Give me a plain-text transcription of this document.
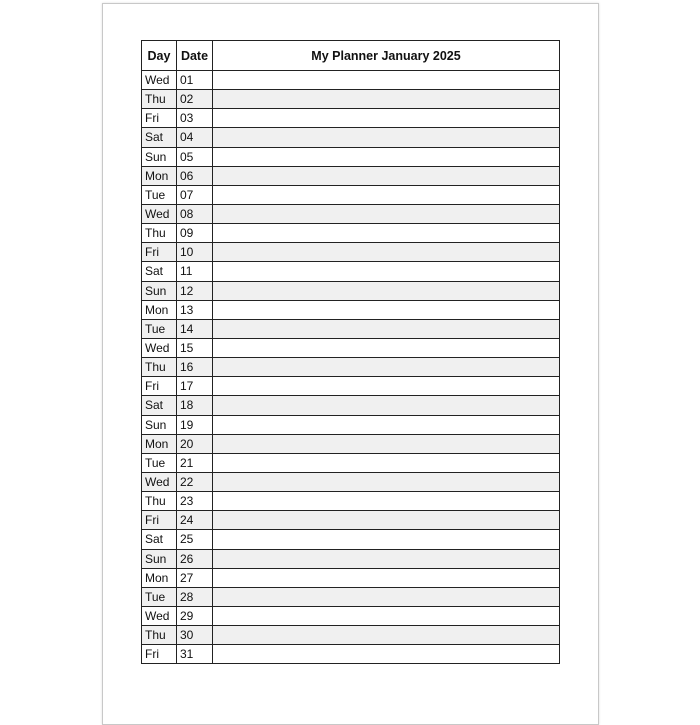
Day	Date	My Planner January 2025
Wed	01	
Thu	02	
Fri	03	
Sat	04	
Sun	05	
Mon	06	
Tue	07	
Wed	08	
Thu	09	
Fri	10	
Sat	11	
Sun	12	
Mon	13	
Tue	14	
Wed	15	
Thu	16	
Fri	17	
Sat	18	
Sun	19	
Mon	20	
Tue	21	
Wed	22	
Thu	23	
Fri	24	
Sat	25	
Sun	26	
Mon	27	
Tue	28	
Wed	29	
Thu	30	
Fri	31	
